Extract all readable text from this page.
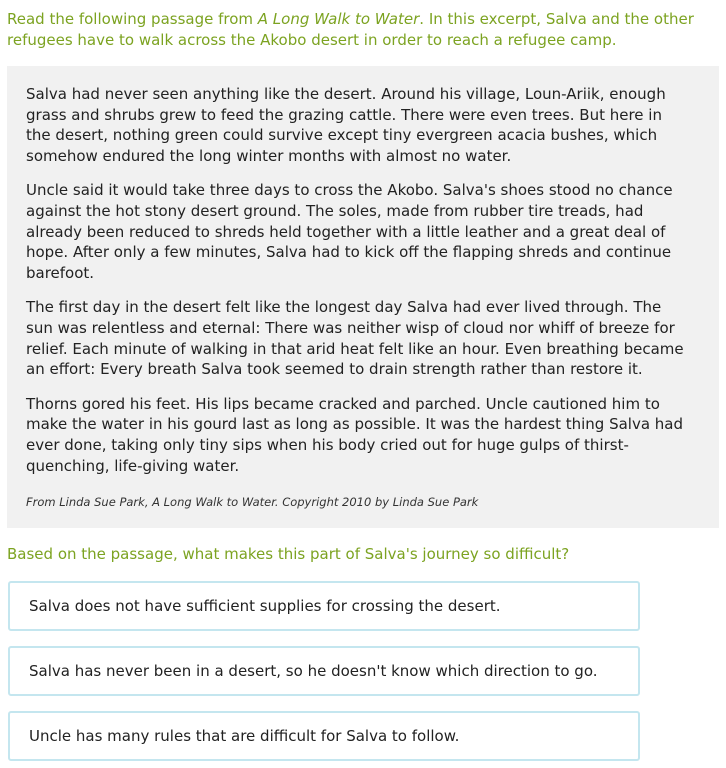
Read the following passage from A Long Walk to Water. In this excerpt, Salva and the other refugees have to walk across the Akobo desert in order to reach a refugee camp.

Salva had never seen anything like the desert. Around his village, Loun-Ariik, enough grass and shrubs grew to feed the grazing cattle. There were even trees. But here in the desert, nothing green could survive except tiny evergreen acacia bushes, which somehow endured the long winter months with almost no water.

Uncle said it would take three days to cross the Akobo. Salva's shoes stood no chance against the hot stony desert ground. The soles, made from rubber tire treads, had already been reduced to shreds held together with a little leather and a great deal of hope. After only a few minutes, Salva had to kick off the flapping shreds and continue barefoot.

The first day in the desert felt like the longest day Salva had ever lived through. The sun was relentless and eternal: There was neither wisp of cloud nor whiff of breeze for relief. Each minute of walking in that arid heat felt like an hour. Even breathing became an effort: Every breath Salva took seemed to drain strength rather than restore it.

Thorns gored his feet. His lips became cracked and parched. Uncle cautioned him to make the water in his gourd last as long as possible. It was the hardest thing Salva had ever done, taking only tiny sips when his body cried out for huge gulps of thirst-quenching, life-giving water.

From Linda Sue Park, A Long Walk to Water. Copyright 2010 by Linda Sue Park

Based on the passage, what makes this part of Salva's journey so difficult?
Salva does not have sufficient supplies for crossing the desert.
Salva has never been in a desert, so he doesn't know which direction to go.
Uncle has many rules that are difficult for Salva to follow.
